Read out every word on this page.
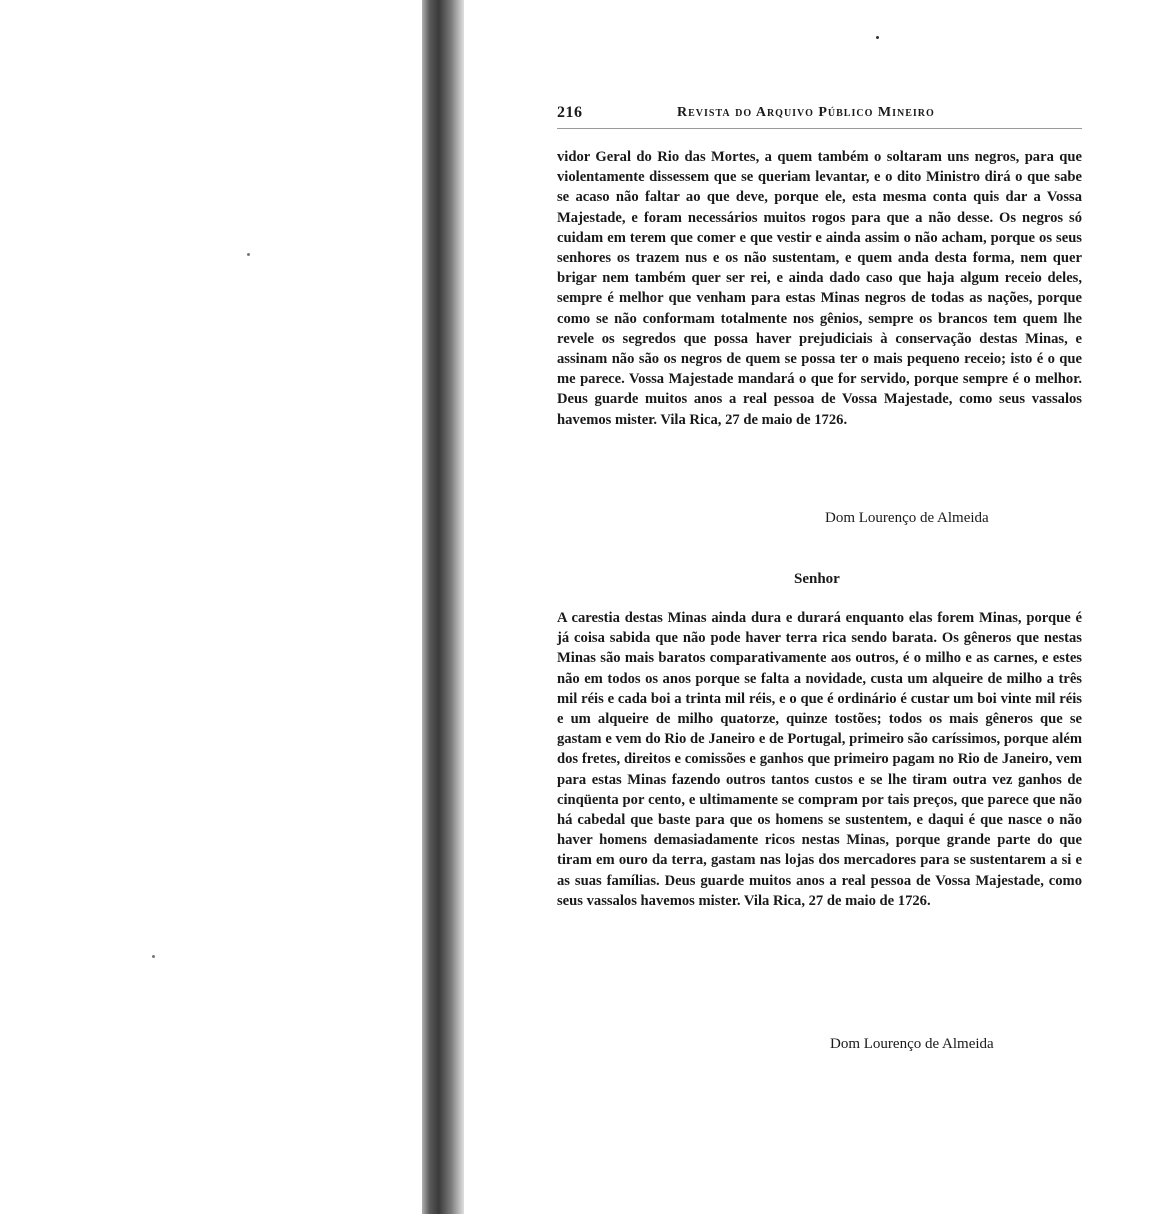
216	Revista do Arquivo Público Mineiro

vidor Geral do Rio das Mortes, a quem também o soltaram uns negros, para que violentamente dissessem que se queriam levantar, e o dito Ministro dirá o que sabe se acaso não faltar ao que deve, porque ele, esta mesma conta quis dar a Vossa Majestade, e foram necessários muitos rogos para que a não desse. Os negros só cuidam em terem que comer e que vestir e ainda assim o não acham, porque os seus senhores os trazem nus e os não sustentam, e quem anda desta forma, nem quer brigar nem também quer ser rei, e ainda dado caso que haja algum receio deles, sempre é melhor que venham para estas Minas negros de todas as nações, porque como se não conformam totalmente nos gênios, sempre os brancos tem quem lhe revele os segredos que possa haver prejudiciais à conservação destas Minas, e assinam não são os negros de quem se possa ter o mais pequeno receio; isto é o que me parece. Vossa Majestade mandará o que for servido, porque sempre é o melhor. Deus guarde muitos anos a real pessoa de Vossa Majestade, como seus vassalos havemos mister. Vila Rica, 27 de maio de 1726.

Dom Lourenço de Almeida
Senhor

A carestia destas Minas ainda dura e durará enquanto elas forem Minas, porque é já coisa sabida que não pode haver terra rica sendo barata. Os gêneros que nestas Minas são mais baratos comparativamente aos outros, é o milho e as carnes, e estes não em todos os anos porque se falta a novidade, custa um alqueire de milho a três mil réis e cada boi a trinta mil réis, e o que é ordinário é custar um boi vinte mil réis e um alqueire de milho quatorze, quinze tostões; todos os mais gêneros que se gastam e vem do Rio de Janeiro e de Portugal, primeiro são caríssimos, porque além dos fretes, direitos e comissões e ganhos que primeiro pagam no Rio de Janeiro, vem para estas Minas fazendo outros tantos custos e se lhe tiram outra vez ganhos de cinqüenta por cento, e ultimamente se compram por tais preços, que parece que não há cabedal que baste para que os homens se sustentem, e daqui é que nasce o não haver homens demasiadamente ricos nestas Minas, porque grande parte do que tiram em ouro da terra, gastam nas lojas dos mercadores para se sustentarem a si e as suas famílias. Deus guarde muitos anos a real pessoa de Vossa Majestade, como seus vassalos havemos mister. Vila Rica, 27 de maio de 1726.

Dom Lourenço de Almeida
